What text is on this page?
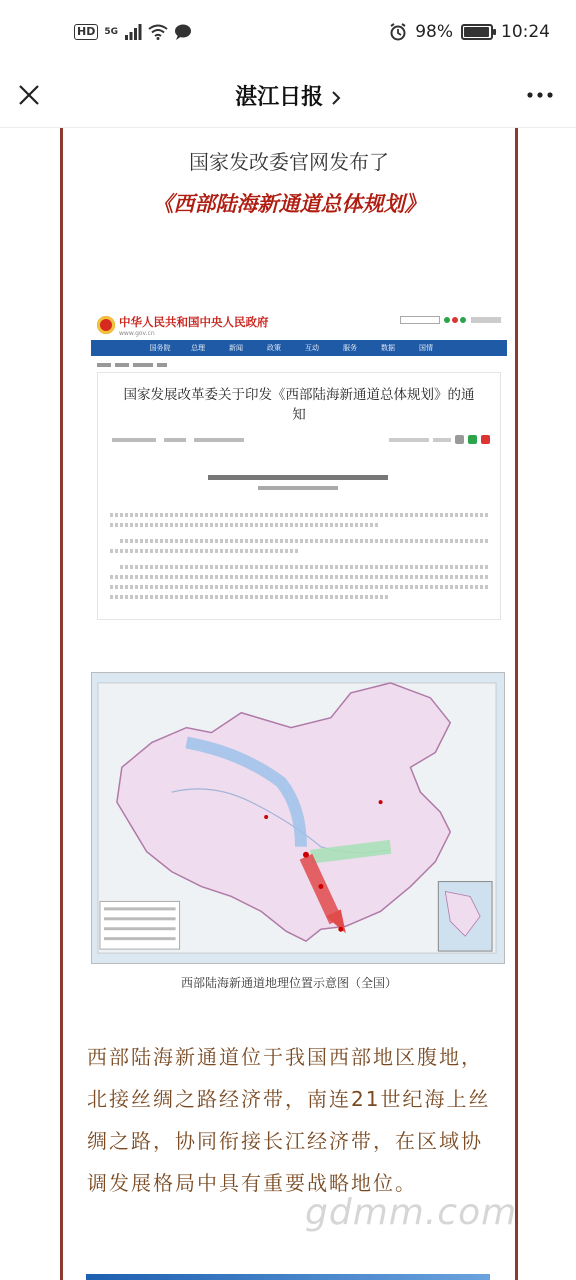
HD	5G	98%	10:24
湛江日报
国家发改委官网发布了
《西部陆海新通道总体规划》
中华人民共和国中央人民政府
www.gov.cn

国务院	总理	新闻	政策	互动	服务	数据	国情
国家发展改革委关于印发《西部陆海新通道总体规划》的通知
西部陆海新通道地理位置示意图（全国）
西部陆海新通道位于我国西部地区腹地，北接丝绸之路经济带，南连21世纪海上丝绸之路，协同衔接长江经济带，在区域协调发展格局中具有重要战略地位。
gdmm.com
